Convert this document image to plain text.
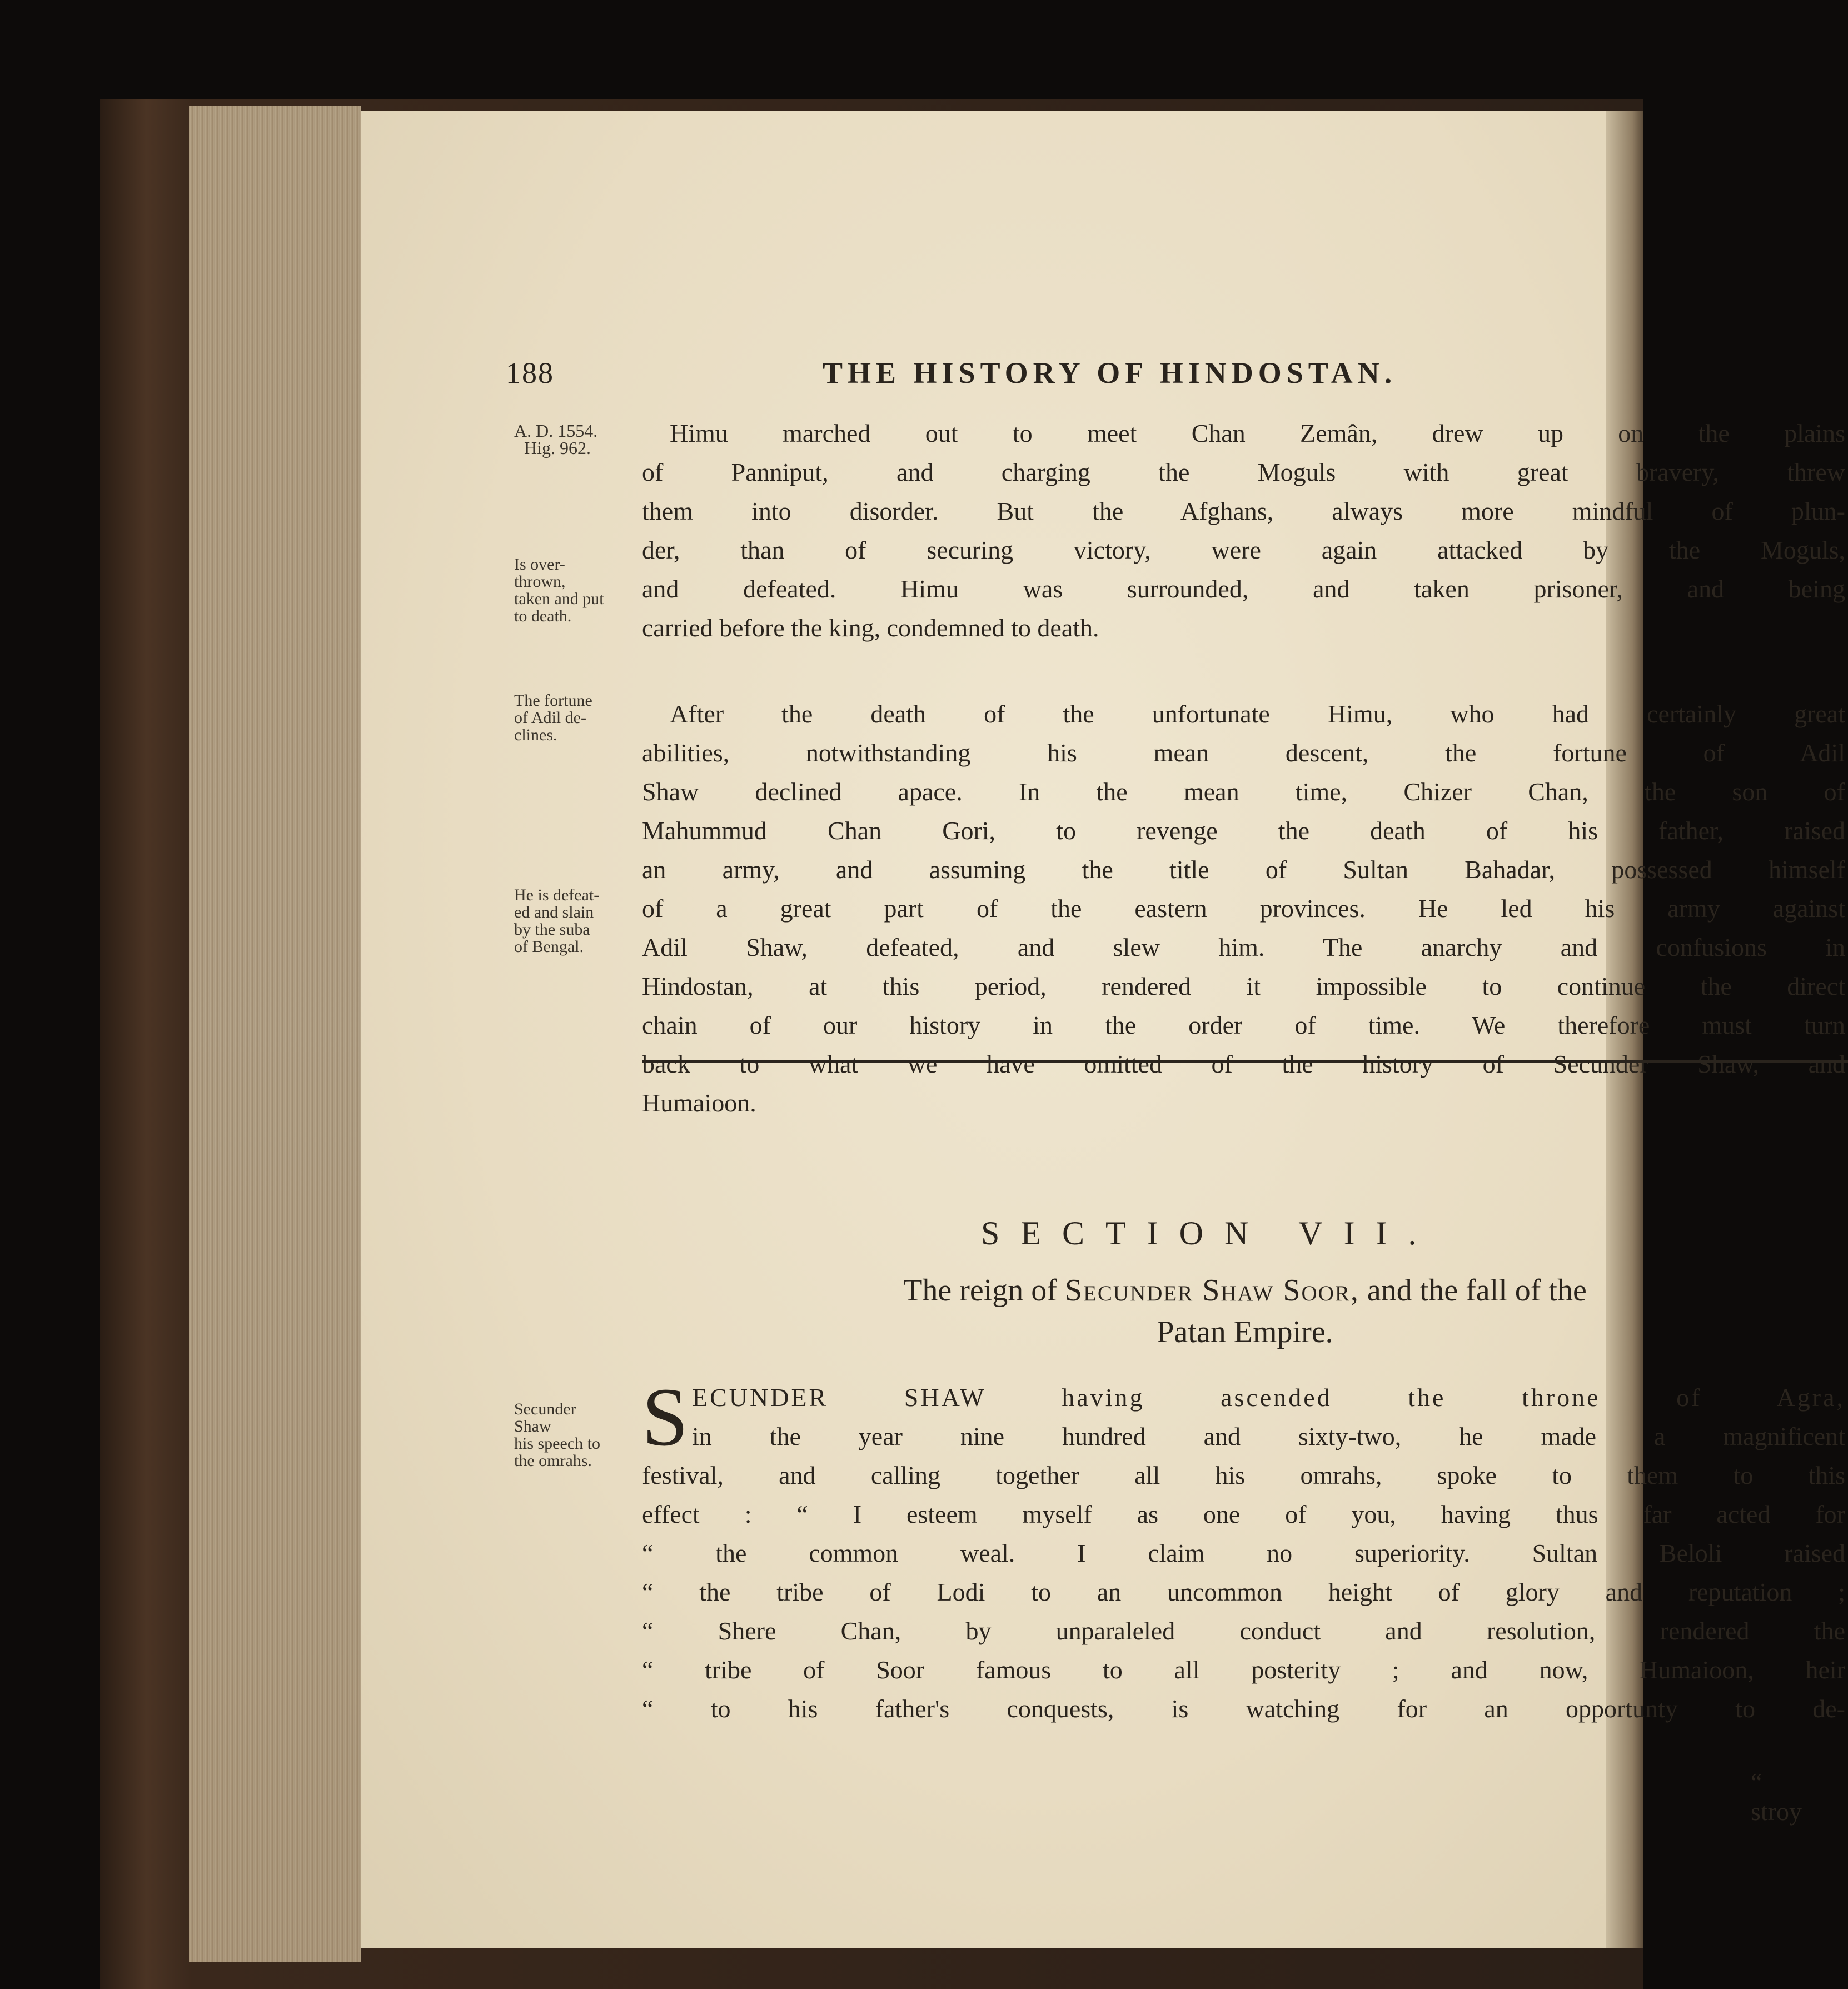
188	THE HISTORY OF HINDOSTAN.
A. D. 1554.
Hig. 962.
Is over-
thrown,
taken and put
to death.
The fortune
of Adil de-
clines.
He is defeat-
ed and slain
by the suba
of Bengal.
Secunder
Shaw
his speech to
the omrahs.
Himu marched out to meet Chan Zemân, drew up on the plains
of Panniput, and charging the Moguls with great bravery, threw
them into disorder. But the Afghans, always more mindful of plun-
der, than of securing victory, were again attacked by the Moguls,
and defeated. Himu was surrounded, and taken prisoner, and being
carried before the king, condemned to death.
After the death of the unfortunate Himu, who had certainly great
abilities, notwithstanding his mean descent, the fortune of Adil
Shaw declined apace. In the mean time, Chizer Chan, the son of
Mahummud Chan Gori, to revenge the death of his father, raised
an army, and assuming the title of Sultan Bahadar, possessed himself
of a great part of the eastern provinces. He led his army against
Adil Shaw, defeated, and slew him. The anarchy and confusions in
Hindostan, at this period, rendered it impossible to continue the direct
chain of our history in the order of time. We therefore must turn
back to what we have omitted of the history of Secunder Shaw, and
Humaioon.
SECTION VII.
The reign of Secunder Shaw Soor, and the fall of the
Patan Empire.
S ECUNDER SHAW having ascended the throne of Agra,
in the year nine hundred and sixty-two, he made a magnificent
festival, and calling together all his omrahs, spoke to them to this
effect : “ I esteem myself as one of you, having thus far acted for
“ the common weal. I claim no superiority. Sultan Beloli raised
“ the tribe of Lodi to an uncommon height of glory and reputation ;
“ Shere Chan, by unparaleled conduct and resolution, rendered the
“ tribe of Soor famous to all posterity ; and now, Humaioon, heir
“ to his father's conquests, is watching for an opportunty to de-
“ stroy
